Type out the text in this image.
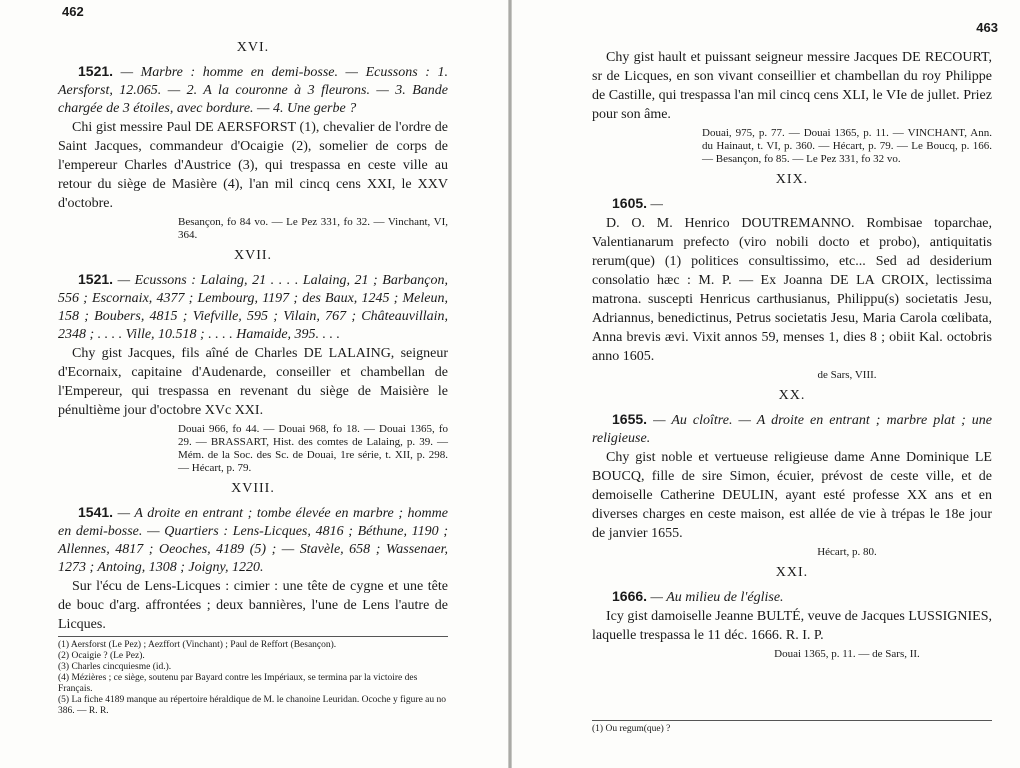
462
XVI.

1521. — Marbre : homme en demi-bosse. — Ecussons : 1. Aersforst, 12.065. — 2. A la couronne à 3 fleurons. — 3. Bande chargée de 3 étoiles, avec bordure. — 4. Une gerbe ?

Chi gist messire Paul DE AERSFORST (1), chevalier de l'ordre de Saint Jacques, commandeur d'Ocaigie (2), somelier de corps de l'empereur Charles d'Austrice (3), qui trespassa en ceste ville au retour du siège de Masière (4), l'an mil cincq cens XXI, le XXV d'octobre.

Besançon, fo 84 vo. — Le Pez 331, fo 32. — Vinchant, VI, 364.

XVII.

1521. — Ecussons : Lalaing, 21 . . . . Lalaing, 21 ; Barbançon, 556 ; Escornaix, 4377 ; Lembourg, 1197 ; des Baux, 1245 ; Meleun, 158 ; Boubers, 4815 ; Viefville, 595 ; Vilain, 767 ; Châteauvillain, 2348 ; . . . . Ville, 10.518 ; . . . . Hamaide, 395. . . .

Chy gist Jacques, fils aîné de Charles DE LALAING, seigneur d'Ecornaix, capitaine d'Audenarde, conseiller et chambellan de l'Empereur, qui trespassa en revenant du siège de Maisière le pénultième jour d'octobre XVc XXI.

Douai 966, fo 44. — Douai 968, fo 18. — Douai 1365, fo 29. — BRASSART, Hist. des comtes de Lalaing, p. 39. — Mém. de la Soc. des Sc. de Douai, 1re série, t. XII, p. 298. — Hécart, p. 79.

XVIII.

1541. — A droite en entrant ; tombe élevée en marbre ; homme en demi-bosse. — Quartiers : Lens-Licques, 4816 ; Béthune, 1190 ; Allennes, 4817 ; Oeoches, 4189 (5) ; — Stavèle, 658 ; Wassenaer, 1273 ; Antoing, 1308 ; Joigny, 1220.

Sur l'écu de Lens-Licques : cimier : une tête de cygne et une tête de bouc d'arg. affrontées ; deux bannières, l'une de Lens l'autre de Licques.

(1) Aersforst (Le Pez) ; Aezffort (Vinchant) ; Paul de Reffort (Besançon).

(2) Ocaigie ? (Le Pez).

(3) Charles cincquiesme (id.).

(4) Mézières ; ce siège, soutenu par Bayard contre les Impériaux, se termina par la victoire des Français.

(5) La fiche 4189 manque au répertoire héraldique de M. le chanoine Leuridan. Ocoche y figure au no 386. — R. R.

463

Chy gist hault et puissant seigneur messire Jacques DE RECOURT, sr de Licques, en son vivant conseillier et chambellan du roy Philippe de Castille, qui trespassa l'an mil cincq cens XLI, le VIe de jullet. Priez pour son âme.

Douai, 975, p. 77. — Douai 1365, p. 11. — VINCHANT, Ann. du Hainaut, t. VI, p. 360. — Hécart, p. 79. — Le Boucq, p. 166. — Besançon, fo 85. — Le Pez 331, fo 32 vo.

XIX.

1605. —

D. O. M. Henrico DOUTREMANNO. Rombisae toparchae, Valentianarum prefecto (viro nobili docto et probo), antiquitatis rerum(que) (1) politices consultissimo, etc... Sed ad desiderium consolatio hæc : M. P. — Ex Joanna DE LA CROIX, lectissima matrona. suscepti Henricus carthusianus, Philippu(s) societatis Jesu, Adriannus, benedictinus, Petrus societatis Jesu, Maria Carola cœlibata, Anna brevis ævi. Vixit annos 59, menses 1, dies 8 ; obiit Kal. octobris anno 1605.

de Sars, VIII.

XX.

1655. — Au cloître. — A droite en entrant ; marbre plat ; une religieuse.

Chy gist noble et vertueuse religieuse dame Anne Dominique LE BOUCQ, fille de sire Simon, écuier, prévost de ceste ville, et de demoiselle Catherine DEULIN, ayant esté professe XX ans et en diverses charges en ceste maison, est allée de vie à trépas le 18e jour de janvier 1655.

Hécart, p. 80.

XXI.

1666. — Au milieu de l'église.

Icy gist damoiselle Jeanne BULTÉ, veuve de Jacques LUSSIGNIES, laquelle trespassa le 11 déc. 1666. R. I. P.

Douai 1365, p. 11. — de Sars, II.

(1) Ou regum(que) ?
